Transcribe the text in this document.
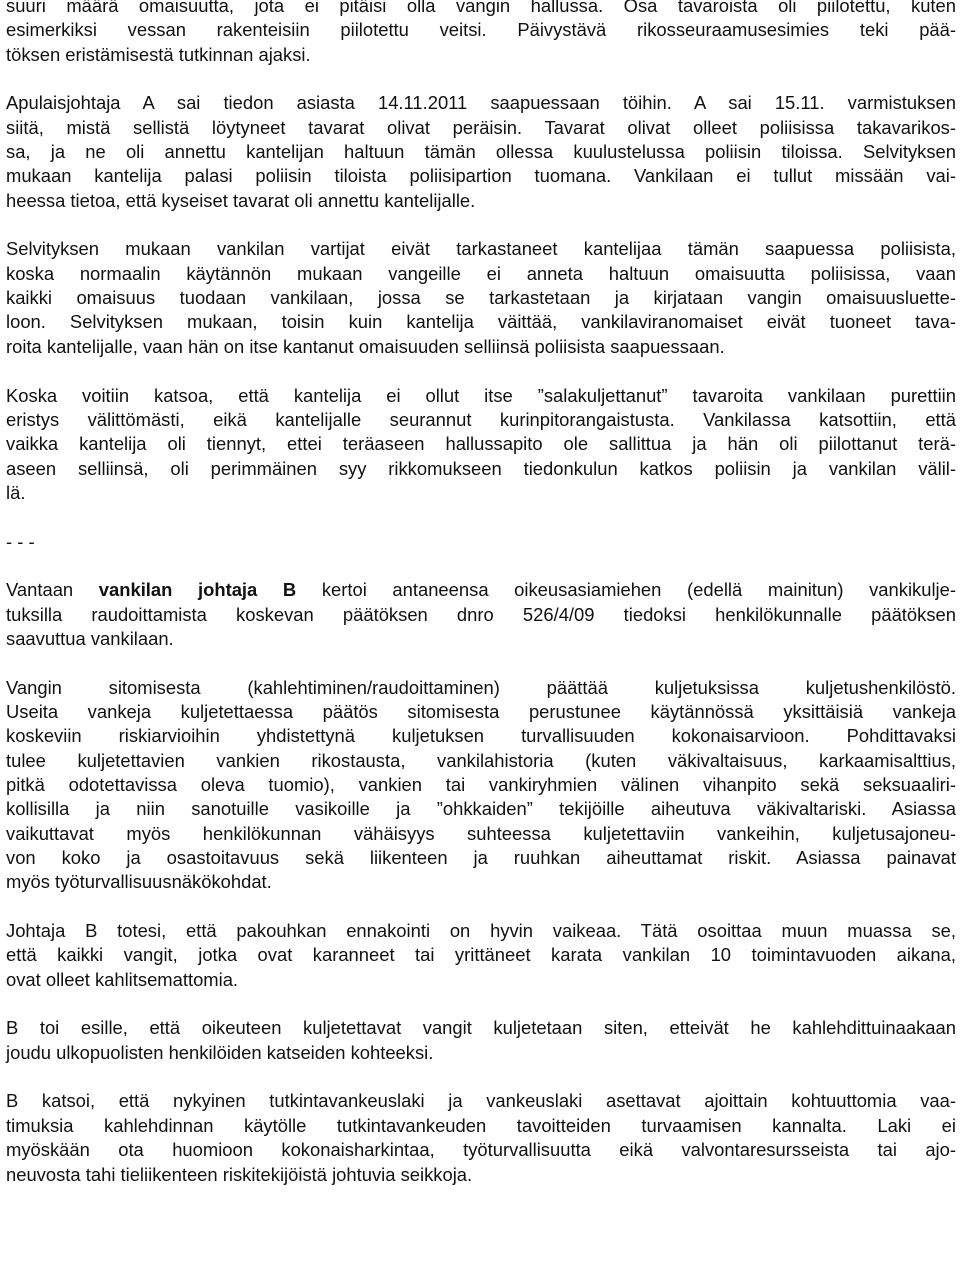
suuri määrä omaisuutta, jota ei pitäisi olla vangin hallussa. Osa tavaroista oli piilotettu, kuten
esimerkiksi vessan rakenteisiin piilotettu veitsi. Päivystävä rikosseuraamusesimies teki pää-
töksen eristämisestä tutkinnan ajaksi.

Apulaisjohtaja A sai tiedon asiasta 14.11.2011 saapuessaan töihin. A sai 15.11. varmistuksen
siitä, mistä sellistä löytyneet tavarat olivat peräisin. Tavarat olivat olleet poliisissa takavarikos-
sa, ja ne oli annettu kantelijan haltuun tämän ollessa kuulustelussa poliisin tiloissa. Selvityksen
mukaan kantelija palasi poliisin tiloista poliisipartion tuomana. Vankilaan ei tullut missään vai-
heessa tietoa, että kyseiset tavarat oli annettu kantelijalle.

Selvityksen mukaan vankilan vartijat eivät tarkastaneet kantelijaa tämän saapuessa poliisista,
koska normaalin käytännön mukaan vangeille ei anneta haltuun omaisuutta poliisissa, vaan
kaikki omaisuus tuodaan vankilaan, jossa se tarkastetaan ja kirjataan vangin omaisuusluette-
loon. Selvityksen mukaan, toisin kuin kantelija väittää, vankilaviranomaiset eivät tuoneet tava-
roita kantelijalle, vaan hän on itse kantanut omaisuuden selliinsä poliisista saapuessaan.

Koska voitiin katsoa, että kantelija ei ollut itse ”salakuljettanut” tavaroita vankilaan purettiin
eristys välittömästi, eikä kantelijalle seurannut kurinpitorangaistusta. Vankilassa katsottiin, että
vaikka kantelija oli tiennyt, ettei teräaseen hallussapito ole sallittua ja hän oli piilottanut terä-
aseen selliinsä, oli perimmäinen syy rikkomukseen tiedonkulun katkos poliisin ja vankilan välil-
lä.

- - -

Vantaan vankilan johtaja B kertoi antaneensa oikeusasiamiehen (edellä mainitun) vankikulje-
tuksilla raudoittamista koskevan päätöksen dnro 526/4/09 tiedoksi henkilökunnalle päätöksen
saavuttua vankilaan.

Vangin sitomisesta (kahlehtiminen/raudoittaminen) päättää kuljetuksissa kuljetushenkilöstö.
Useita vankeja kuljetettaessa päätös sitomisesta perustunee käytännössä yksittäisiä vankeja
koskeviin riskiarvioihin yhdistettynä kuljetuksen turvallisuuden kokonaisarvioon. Pohdittavaksi
tulee kuljetettavien vankien rikostausta, vankilahistoria (kuten väkivaltaisuus, karkaamisalttius,
pitkä odotettavissa oleva tuomio), vankien tai vankiryhmien välinen vihanpito sekä seksuaaliri-
kollisilla ja niin sanotuille vasikoille ja ”ohkkaiden” tekijöille aiheutuva väkivaltariski. Asiassa
vaikuttavat myös henkilökunnan vähäisyys suhteessa kuljetettaviin vankeihin, kuljetusajoneu-
von koko ja osastoitavuus sekä liikenteen ja ruuhkan aiheuttamat riskit. Asiassa painavat
myös työturvallisuusnäkökohdat.

Johtaja B totesi, että pakouhkan ennakointi on hyvin vaikeaa. Tätä osoittaa muun muassa se,
että kaikki vangit, jotka ovat karanneet tai yrittäneet karata vankilan 10 toimintavuoden aikana,
ovat olleet kahlitsemattomia.

B toi esille, että oikeuteen kuljetettavat vangit kuljetetaan siten, etteivät he kahlehdittuinaakaan
joudu ulkopuolisten henkilöiden katseiden kohteeksi.

B katsoi, että nykyinen tutkintavankeuslaki ja vankeuslaki asettavat ajoittain kohtuuttomia vaa-
timuksia kahlehdinnan käytölle tutkintavankeuden tavoitteiden turvaamisen kannalta. Laki ei
myöskään ota huomioon kokonaisharkintaa, työturvallisuutta eikä valvontaresursseista tai ajo-
neuvosta tahi tieliikenteen riskitekijöistä johtuvia seikkoja.
